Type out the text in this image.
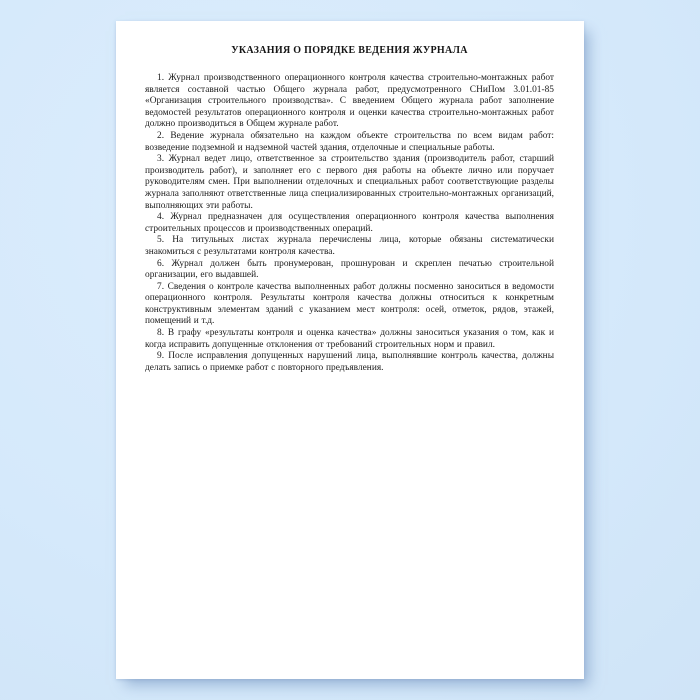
УКАЗАНИЯ О ПОРЯДКЕ ВЕДЕНИЯ ЖУРНАЛА

1. Журнал производственного операционного контроля качества строительно-монтажных работ является составной частью Общего журнала работ, предусмотренного СНиПом 3.01.01-85 «Организация строительного производства». С введением Общего журнала работ заполнение ведомостей результатов операционного контроля и оценки качества строительно-монтажных работ должно производиться в Общем журнале работ.

2. Ведение журнала обязательно на каждом объекте строительства по всем видам работ: возведение подземной и надземной частей здания, отделочные и специальные работы.

3. Журнал ведет лицо, ответственное за строительство здания (производитель работ, старший производитель работ), и заполняет его с первого дня работы на объекте лично или поручает руководителям смен. При выполнении отделочных и специальных работ соответствующие разделы журнала заполняют ответственные лица специализированных строительно-монтажных организаций, выполняющих эти работы.

4. Журнал предназначен для осуществления операционного контроля качества выполнения строительных процессов и производственных операций.

5. На титульных листах журнала перечислены лица, которые обязаны систематически знакомиться с результатами контроля качества.

6. Журнал должен быть пронумерован, прошнурован и скреплен печатью строительной организации, его выдавшей.

7. Сведения о контроле качества выполненных работ должны посменно заноситься в ведомости операционного контроля. Результаты контроля качества должны относиться к конкретным конструктивным элементам зданий с указанием мест контроля: осей, отметок, рядов, этажей, помещений и т.д.

8. В графу «результаты контроля и оценка качества» должны заноситься указания о том, как и когда исправить допущенные отклонения от требований строительных норм и правил.

9. После исправления допущенных нарушений лица, выполнявшие контроль качества, должны делать запись о приемке работ с повторного предъявления.
